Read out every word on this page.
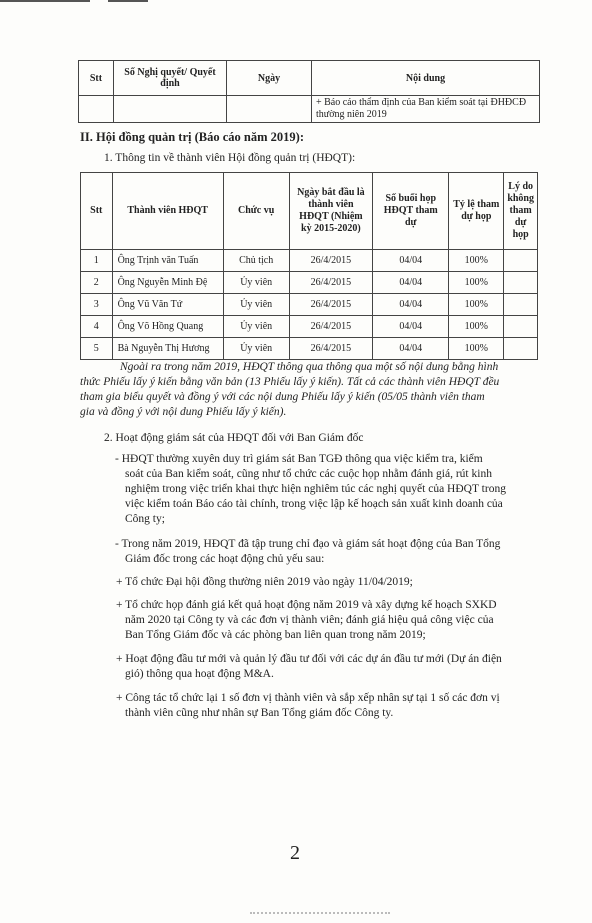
Stt	Số Nghị quyết/ Quyết định	Ngày	Nội dung
			+ Báo cáo thẩm định của Ban kiểm soát tại ĐHĐCĐ thường niên 2019
II. Hội đồng quản trị (Báo cáo năm 2019):
1. Thông tin về thành viên Hội đồng quản trị (HĐQT):
Stt	Thành viên HĐQT	Chức vụ	Ngày bắt đầu là thành viên HĐQT (Nhiệm kỳ 2015-2020)	Số buổi họp HĐQT tham dự	Tỷ lệ tham dự họp	Lý do không tham dự họp
1	Ông Trịnh văn Tuấn	Chủ tịch	26/4/2015	04/04	100%	
2	Ông Nguyễn Minh Đệ	Ủy viên	26/4/2015	04/04	100%	
3	Ông Vũ Văn Tứ	Ủy viên	26/4/2015	04/04	100%	
4	Ông Võ Hồng Quang	Ủy viên	26/4/2015	04/04	100%	
5	Bà Nguyễn Thị Hương	Ủy viên	26/4/2015	04/04	100%	
Ngoài ra trong năm 2019, HĐQT thông qua thông qua một số nội dung bằng hình
thức Phiếu lấy ý kiến bằng văn bản (13 Phiếu lấy ý kiến). Tất cả các thành viên HĐQT đều
tham gia biểu quyết và đồng ý với các nội dung Phiếu lấy ý kiến (05/05 thành viên tham
gia và đồng ý với nội dung Phiếu lấy ý kiến).
2. Hoạt động giám sát của HĐQT đối với Ban Giám đốc
- HĐQT thường xuyên duy trì giám sát Ban TGĐ thông qua việc kiểm tra, kiểm
soát của Ban kiểm soát, cũng như tổ chức các cuộc họp nhằm đánh giá, rút kinh
nghiệm trong việc triển khai thực hiện nghiêm túc các nghị quyết của HĐQT trong
việc kiểm toán Báo cáo tài chính, trong việc lập kế hoạch sản xuất kinh doanh của
Công ty;
- Trong năm 2019, HĐQT đã tập trung chỉ đạo và giám sát hoạt động của Ban Tổng
Giám đốc trong các hoạt động chủ yếu sau:
+ Tổ chức Đại hội đồng thường niên 2019 vào ngày 11/04/2019;
+ Tổ chức họp đánh giá kết quả hoạt động năm 2019 và xây dựng kế hoạch SXKD
năm 2020 tại Công ty và các đơn vị thành viên; đánh giá hiệu quả công việc của
Ban Tổng Giám đốc và các phòng ban liên quan trong năm 2019;
+ Hoạt động đầu tư mới và quản lý đầu tư đối với các dự án đầu tư mới (Dự án điện
gió) thông qua hoạt động M&A.
+ Công tác tổ chức lại 1 số đơn vị thành viên và sắp xếp nhân sự tại 1 số các đơn vị
thành viên cũng như nhân sự Ban Tổng giám đốc Công ty.
2
